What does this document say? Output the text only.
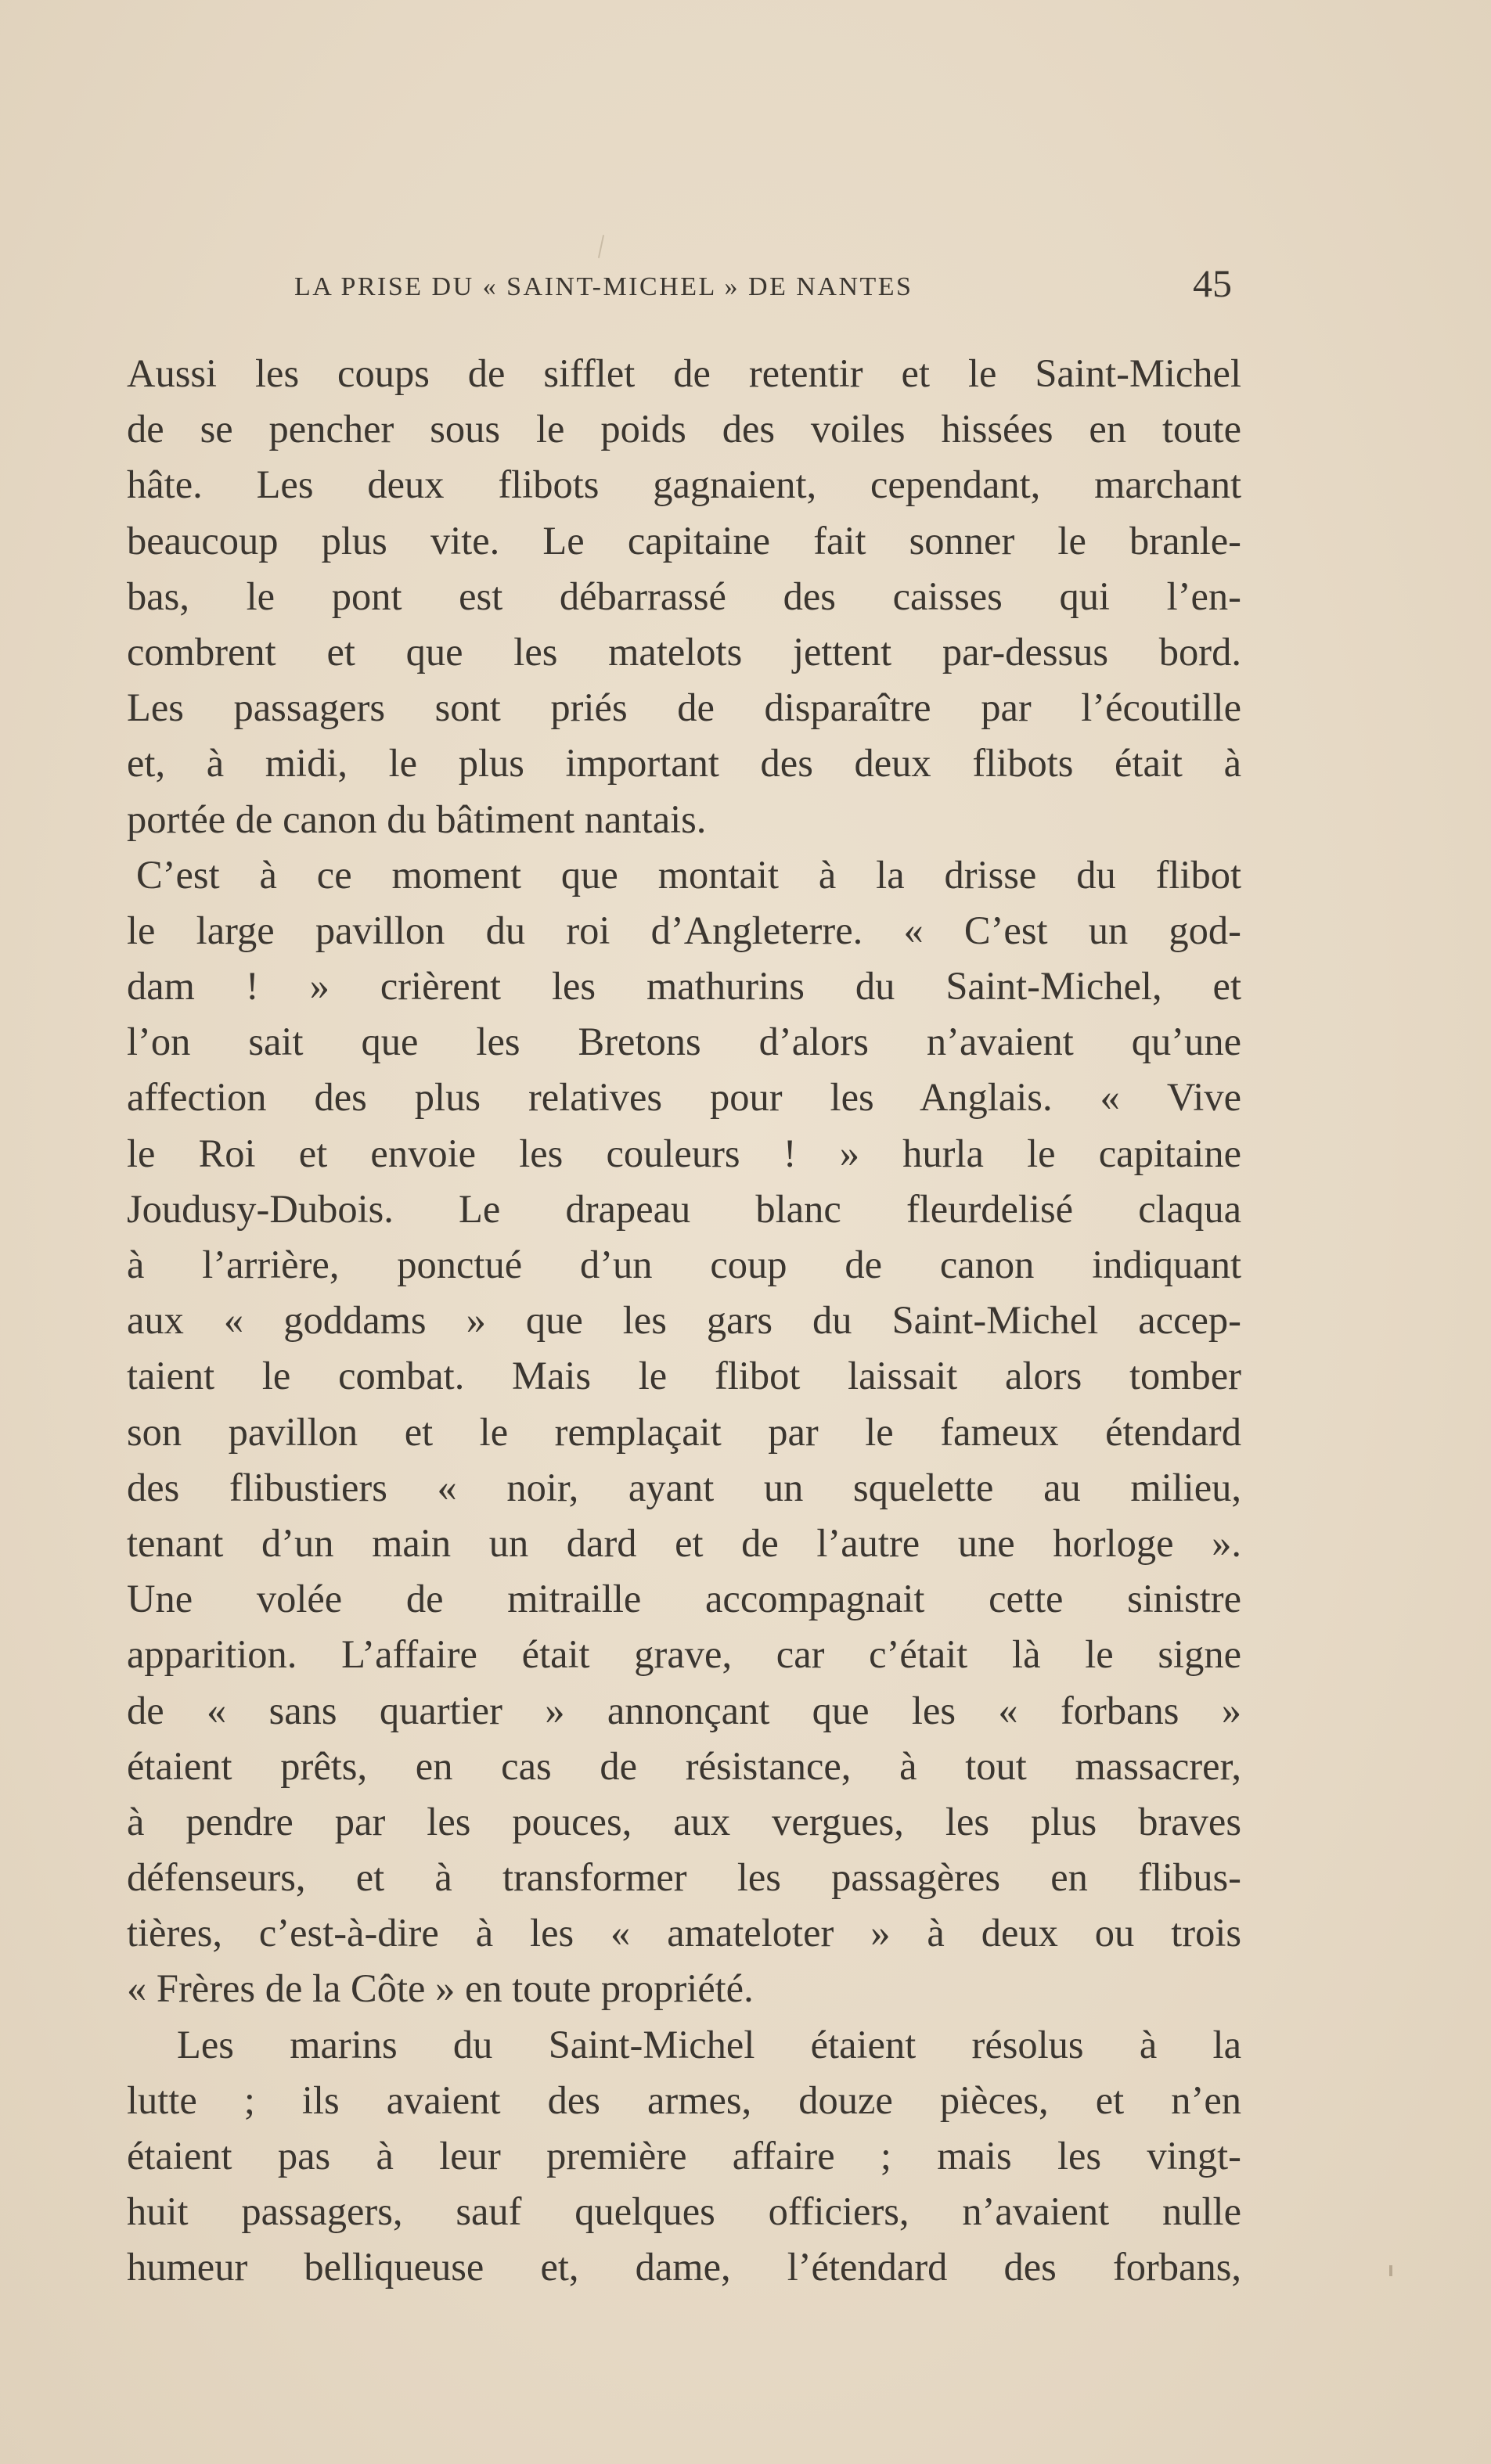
LA PRISE DU « SAINT-MICHEL » DE NANTES	45
Aussi les coups de sifflet de retentir et le Saint-Michel
de se pencher sous le poids des voiles hissées en toute
hâte. Les deux flibots gagnaient, cependant, marchant
beaucoup plus vite. Le capitaine fait sonner le branle-
bas, le pont est débarrassé des caisses qui l’en-
combrent et que les matelots jettent par-dessus bord.
Les passagers sont priés de disparaître par l’écoutille
et, à midi, le plus important des deux flibots était à
portée de canon du bâtiment nantais.
C’est à ce moment que montait à la drisse du flibot
le large pavillon du roi d’Angleterre. « C’est un god-
dam ! » crièrent les mathurins du Saint-Michel, et
l’on sait que les Bretons d’alors n’avaient qu’une
affection des plus relatives pour les Anglais. « Vive
le Roi et envoie les couleurs ! » hurla le capitaine
Joudusy-Dubois. Le drapeau blanc fleurdelisé claqua
à l’arrière, ponctué d’un coup de canon indiquant
aux « goddams » que les gars du Saint-Michel accep-
taient le combat. Mais le flibot laissait alors tomber
son pavillon et le remplaçait par le fameux étendard
des flibustiers « noir, ayant un squelette au milieu,
tenant d’un main un dard et de l’autre une horloge ».
Une volée de mitraille accompagnait cette sinistre
apparition. L’affaire était grave, car c’était là le signe
de « sans quartier » annonçant que les « forbans »
étaient prêts, en cas de résistance, à tout massacrer,
à pendre par les pouces, aux vergues, les plus braves
défenseurs, et à transformer les passagères en flibus-
tières, c’est-à-dire à les « amateloter » à deux ou trois
« Frères de la Côte » en toute propriété.
Les marins du Saint-Michel étaient résolus à la
lutte ; ils avaient des armes, douze pièces, et n’en
étaient pas à leur première affaire ; mais les vingt-
huit passagers, sauf quelques officiers, n’avaient nulle
humeur belliqueuse et, dame, l’étendard des forbans,
